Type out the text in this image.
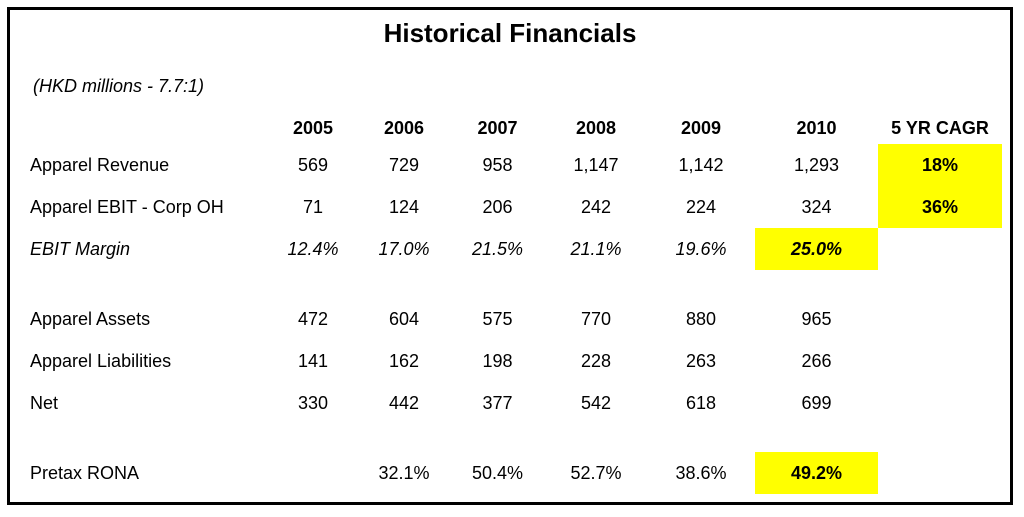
Historical Financials
(HKD millions - 7.7:1)
	2005	2006	2007	2008	2009	2010	5 YR CAGR
Apparel Revenue	569	729	958	1,147	1,142	1,293	18%
Apparel EBIT - Corp OH	71	124	206	242	224	324	36%
EBIT Margin	12.4%	17.0%	21.5%	21.1%	19.6%	25.0%	

Apparel Assets	472	604	575	770	880	965	
Apparel Liabilities	141	162	198	228	263	266	
Net	330	442	377	542	618	699	

Pretax RONA		32.1%	50.4%	52.7%	38.6%	49.2%	
